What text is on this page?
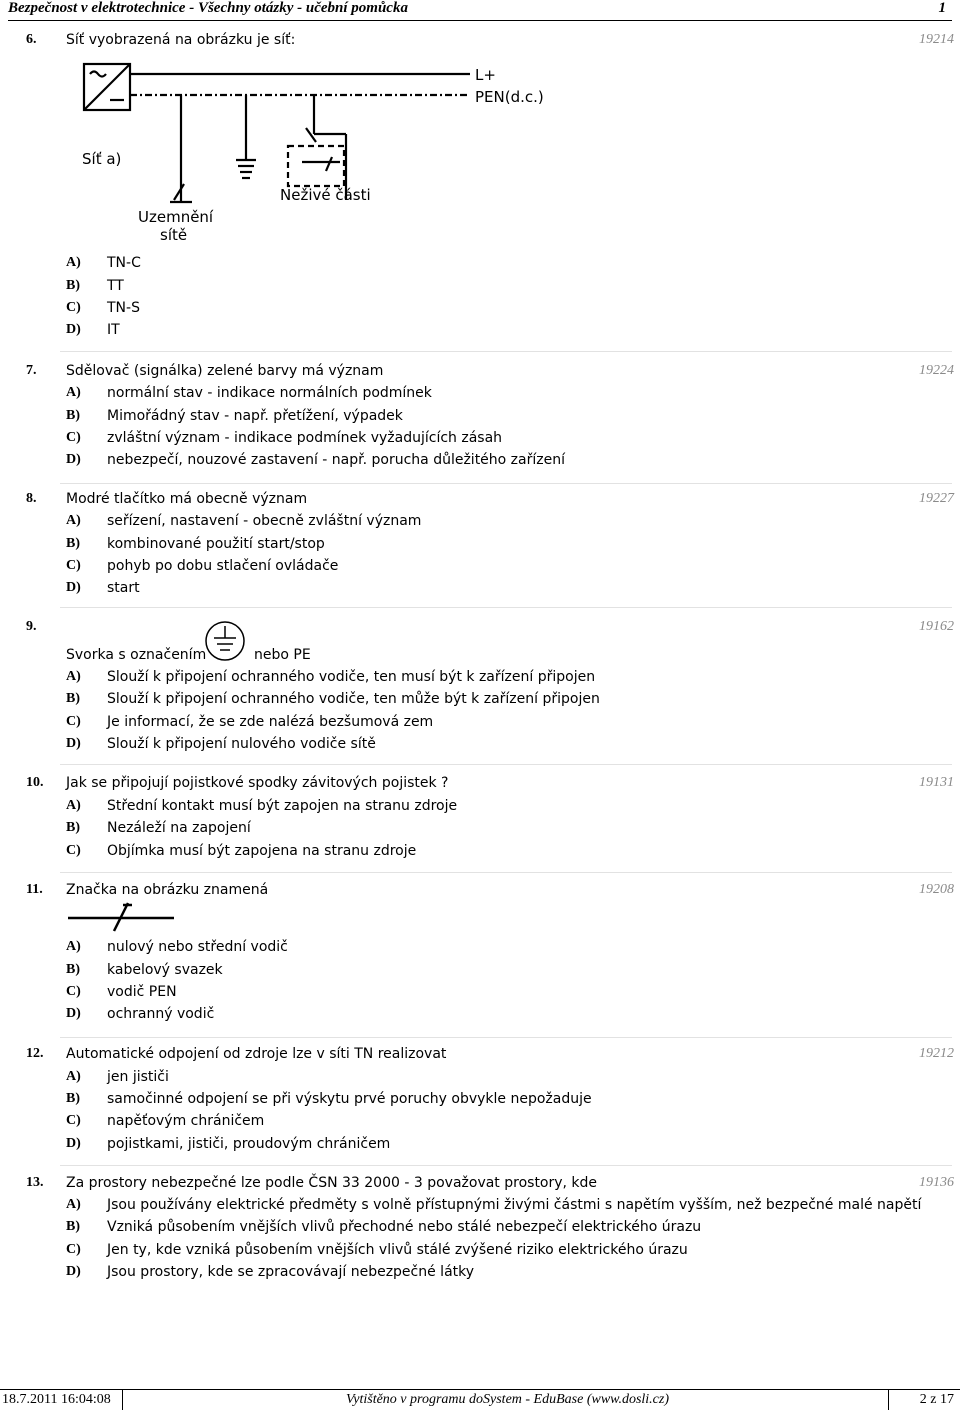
Bezpečnost v elektrotechnice - Všechny otázky - učební pomůcka	1
6. Síť vyobrazená na obrázku je síť:	19214
L+
PEN(d.c.)
Síť a)
Uzemnění
sítě
Neživé části
A) TN-C
B) TT
C) TN-S
D) IT
7. Sdělovač (signálka) zelené barvy má význam	19224
A) normální stav - indikace normálních podmínek
B) Mimořádný stav - např. přetížení, výpadek
C) zvláštní význam - indikace podmínek vyžadujících zásah
D) nebezpečí, nouzové zastavení - např. porucha důležitého zařízení
8. Modré tlačítko má obecně význam	19227
A) seřízení, nastavení - obecně zvláštní význam
B) kombinované použití start/stop
C) pohyb po dobu stlačení ovládače
D) start
9.	19162
Svorka s označením	nebo PE
A) Slouží k připojení ochranného vodiče, ten musí být k zařízení připojen
B) Slouží k připojení ochranného vodiče, ten může být k zařízení připojen
C) Je informací, že se zde nalézá bezšumová zem
D) Slouží k připojení nulového vodiče sítě
10. Jak se připojují pojistkové spodky závitových pojistek ?	19131
A) Střední kontakt musí být zapojen na stranu zdroje
B) Nezáleží na zapojení
C) Objímka musí být zapojena na stranu zdroje
11. Značka na obrázku znamená	19208
A) nulový nebo střední vodič
B) kabelový svazek
C) vodič PEN
D) ochranný vodič
12. Automatické odpojení od zdroje lze v síti TN realizovat	19212
A) jen jističi
B) samočinné odpojení se při výskytu prvé poruchy obvykle nepožaduje
C) napěťovým chráničem
D) pojistkami, jističi, proudovým chráničem
13. Za prostory nebezpečné lze podle ČSN 33 2000 - 3 považovat prostory, kde	19136
A) Jsou používány elektrické předměty s volně přístupnými živými částmi s napětím vyšším, než bezpečné malé napětí
B) Vzniká působením vnějších vlivů přechodné nebo stálé nebezpečí elektrického úrazu
C) Jen ty, kde vzniká působením vnějších vlivů stálé zvýšené riziko elektrického úrazu
D) Jsou prostory, kde se zpracovávají nebezpečné látky
18.7.2011 16:04:08	Vytištěno v programu doSystem - EduBase (www.dosli.cz)	2 z 17
